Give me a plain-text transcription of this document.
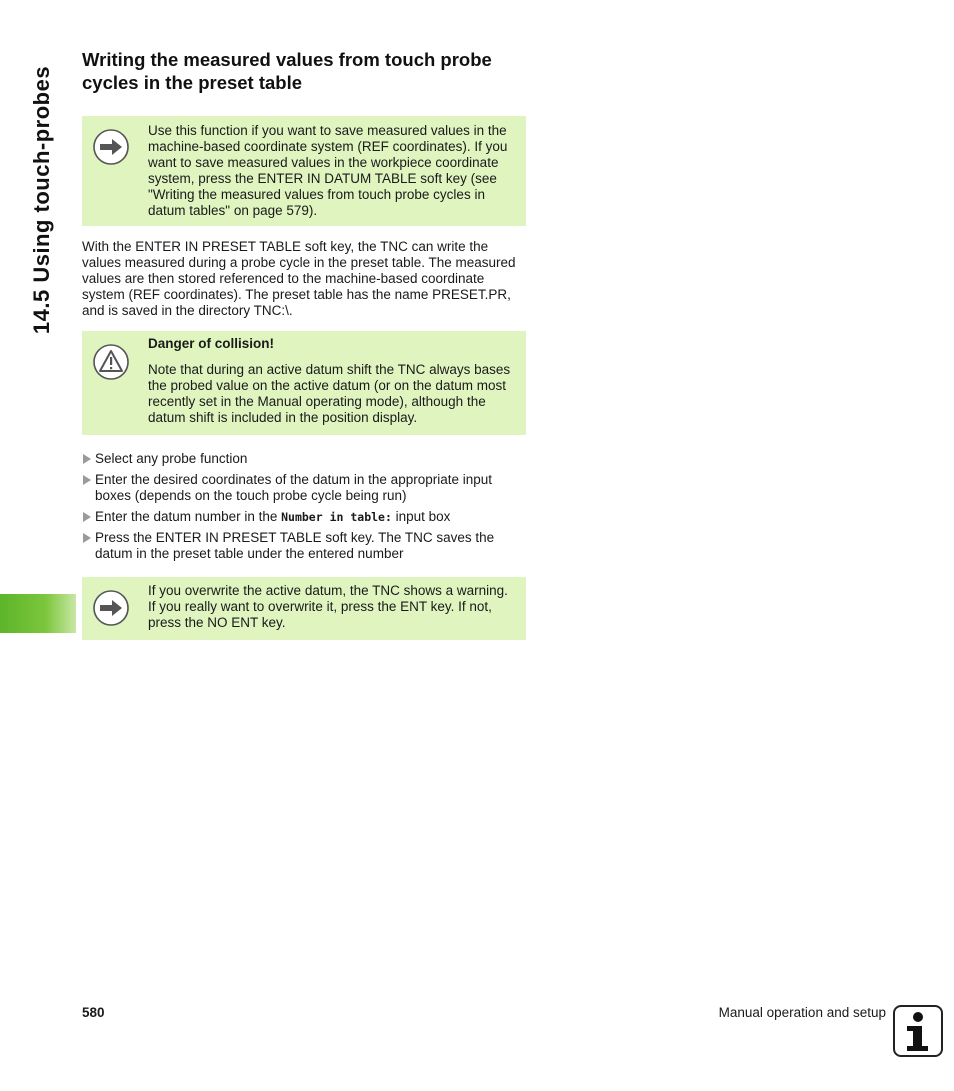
14.5 Using touch-probes
Writing the measured values from touch probe cycles in the preset table

Use this function if you want to save measured values in the machine-based coordinate system (REF coordinates). If you want to save measured values in the workpiece coordinate system, press the ENTER IN DATUM TABLE soft key (see "Writing the measured values from touch probe cycles in datum tables" on page 579).

With the ENTER IN PRESET TABLE soft key, the TNC can write the values measured during a probe cycle in the preset table. The measured values are then stored referenced to the machine-based coordinate system (REF coordinates). The preset table has the name PRESET.PR, and is saved in the directory TNC:\.

Danger of collision!

Note that during an active datum shift the TNC always bases the probed value on the active datum (or on the datum most recently set in the Manual operating mode), although the datum shift is included in the position display.

Select any probe function
Enter the desired coordinates of the datum in the appropriate input boxes (depends on the touch probe cycle being run)
Enter the datum number in the Number in table: input box
Press the ENTER IN PRESET TABLE soft key. The TNC saves the datum in the preset table under the entered number

If you overwrite the active datum, the TNC shows a warning. If you really want to overwrite it, press the ENT key. If not, press the NO ENT key.

580	Manual operation and setup
